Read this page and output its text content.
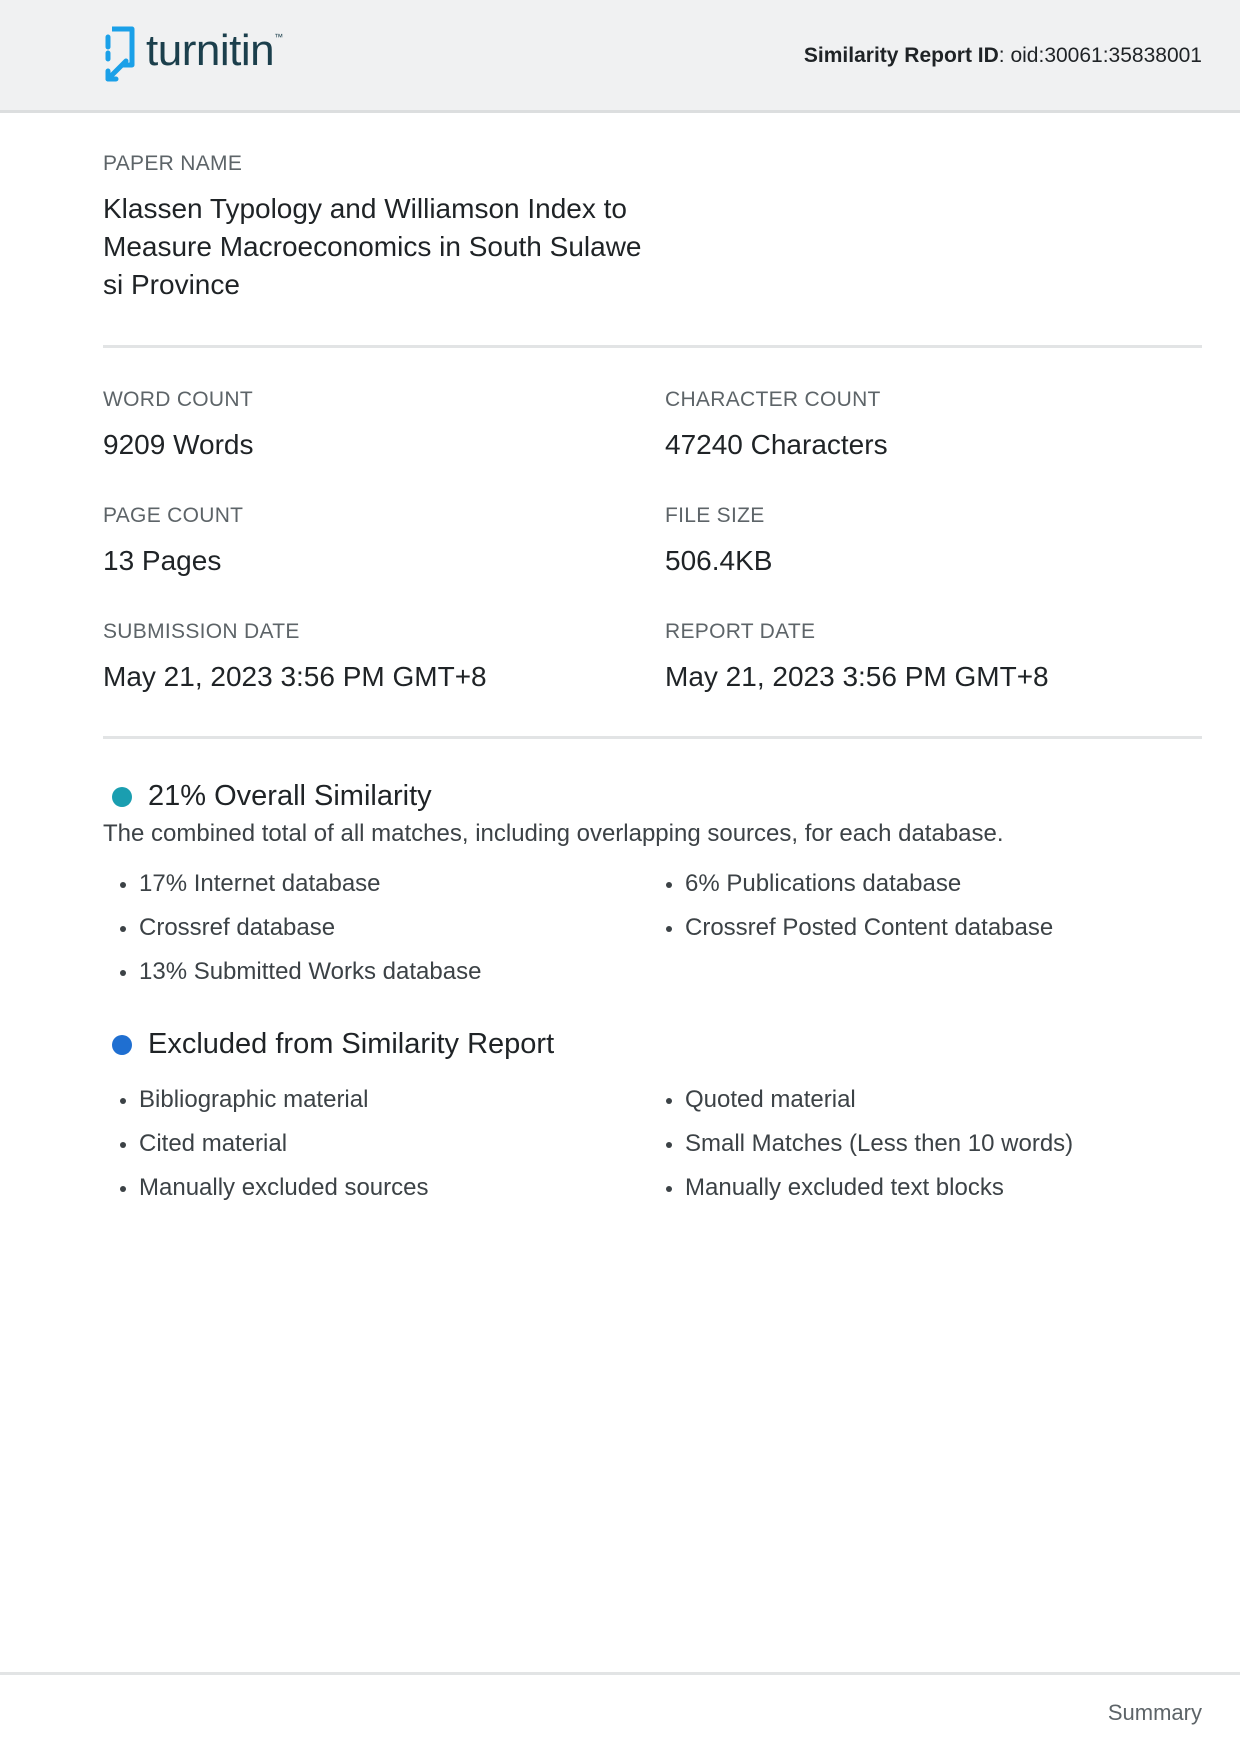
turnitin ™
Similarity Report ID: oid:30061:35838001
PAPER NAME
Klassen Typology and Williamson Index to Measure Macroeconomics in South Sulawesi Province
WORD COUNT
9209 Words
CHARACTER COUNT
47240 Characters
PAGE COUNT
13 Pages
FILE SIZE
506.4KB
SUBMISSION DATE
May 21, 2023 3:56 PM GMT+8
REPORT DATE
May 21, 2023 3:56 PM GMT+8
21% Overall Similarity
The combined total of all matches, including overlapping sources, for each database.
17% Internet database
Crossref database
13% Submitted Works database
6% Publications database
Crossref Posted Content database
Excluded from Similarity Report
Bibliographic material
Cited material
Manually excluded sources
Quoted material
Small Matches (Less then 10 words)
Manually excluded text blocks
Summary
